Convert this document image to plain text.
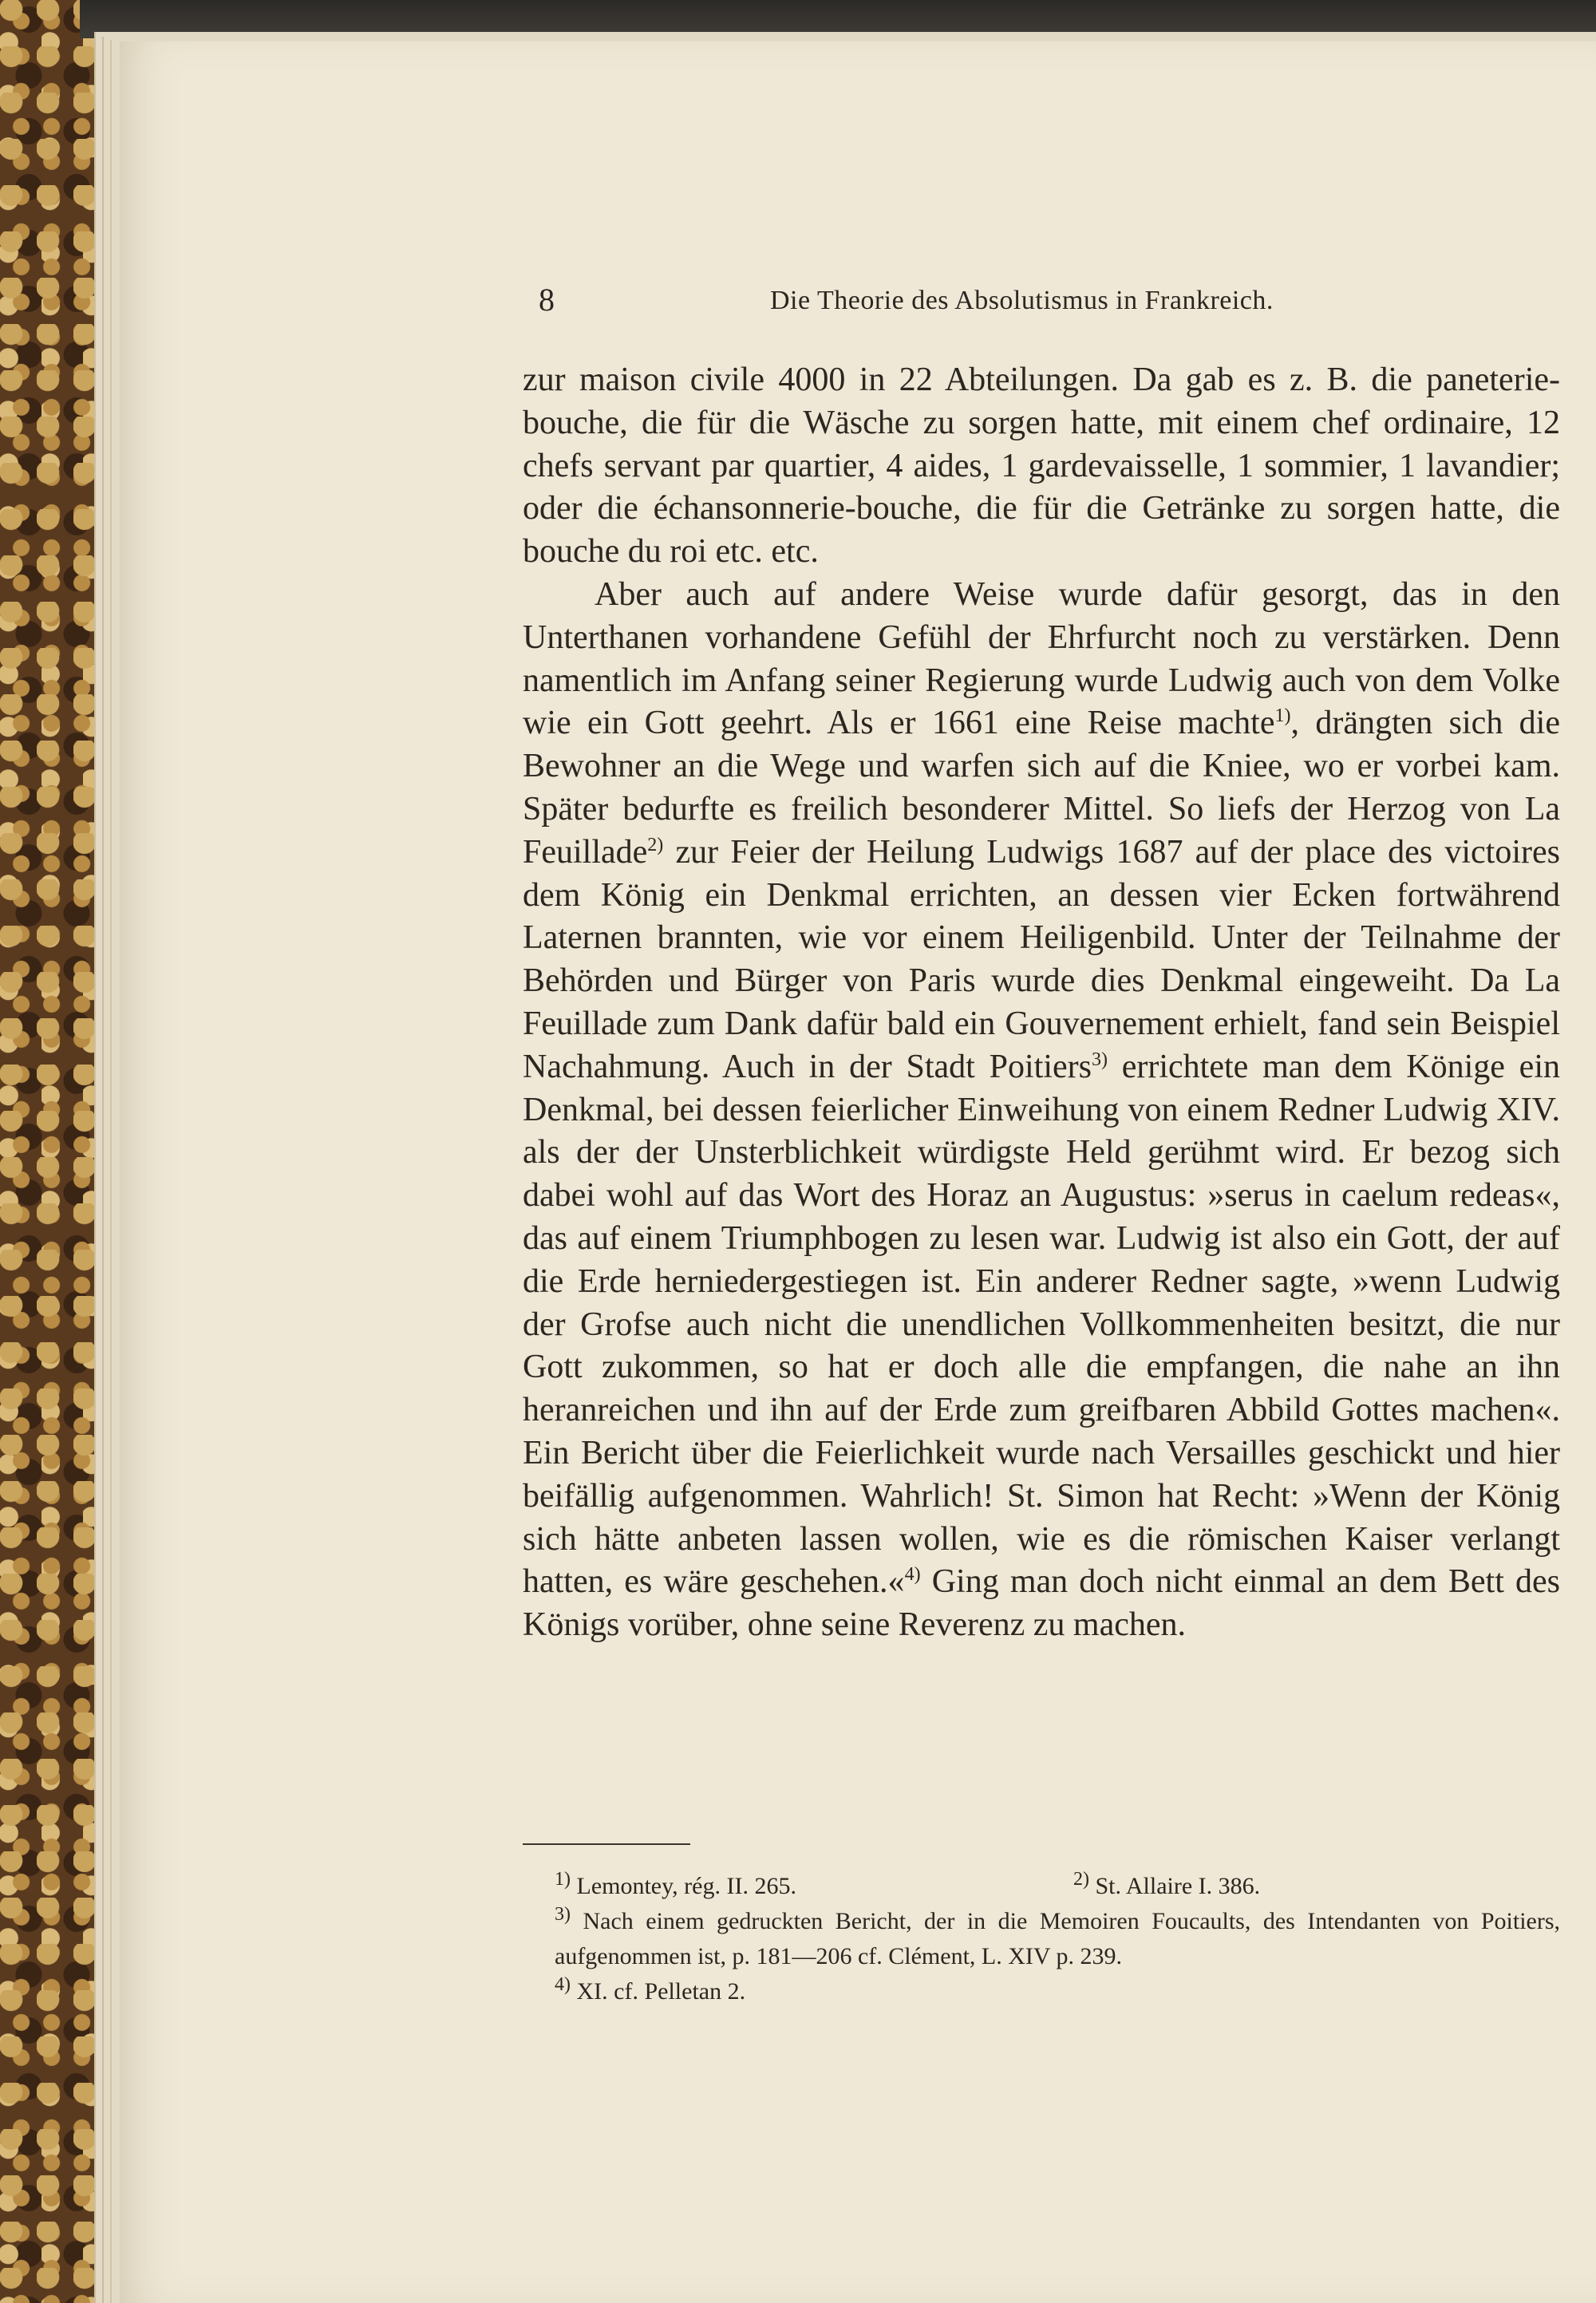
8	Die Theorie des Absolutismus in Frankreich.

zur maison civile 4000 in 22 Abteilungen. Da gab es z. B. die paneterie-bouche, die für die Wäsche zu sorgen hatte, mit einem chef ordinaire, 12 chefs servant par quartier, 4 aides, 1 gardevaisselle, 1 sommier, 1 lavandier; oder die échansonnerie-bouche, die für die Getränke zu sorgen hatte, die bouche du roi etc. etc.

Aber auch auf andere Weise wurde dafür gesorgt, das in den Unterthanen vorhandene Gefühl der Ehrfurcht noch zu verstärken. Denn namentlich im Anfang seiner Regierung wurde Ludwig auch von dem Volke wie ein Gott geehrt. Als er 1661 eine Reise machte$^{1)}$, drängten sich die Bewohner an die Wege und warfen sich auf die Kniee, wo er vorbei kam. Später bedurfte es freilich besonderer Mittel. So liefs der Herzog von La Feuillade$^{2)}$ zur Feier der Heilung Ludwigs 1687 auf der place des victoires dem König ein Denkmal errichten, an dessen vier Ecken fortwährend Laternen brannten, wie vor einem Heiligenbild. Unter der Teilnahme der Behörden und Bürger von Paris wurde dies Denkmal eingeweiht. Da La Feuillade zum Dank dafür bald ein Gouvernement erhielt, fand sein Beispiel Nachahmung. Auch in der Stadt Poitiers$^{3)}$ errichtete man dem Könige ein Denkmal, bei dessen feierlicher Einweihung von einem Redner Ludwig XIV. als der der Unsterblichkeit würdigste Held gerühmt wird. Er bezog sich dabei wohl auf das Wort des Horaz an Augustus: »serus in caelum redeas«, das auf einem Triumphbogen zu lesen war. Ludwig ist also ein Gott, der auf die Erde herniedergestiegen ist. Ein anderer Redner sagte, »wenn Ludwig der Grofse auch nicht die unendlichen Vollkommenheiten besitzt, die nur Gott zukommen, so hat er doch alle die empfangen, die nahe an ihn heranreichen und ihn auf der Erde zum greifbaren Abbild Gottes machen«. Ein Bericht über die Feierlichkeit wurde nach Versailles geschickt und hier beifällig aufgenommen. Wahrlich! St. Simon hat Recht: »Wenn der König sich hätte anbeten lassen wollen, wie es die römischen Kaiser verlangt hatten, es wäre geschehen.«$^{4)}$ Ging man doch nicht einmal an dem Bett des Königs vorüber, ohne seine Reverenz zu machen.

$^{1)}$ Lemontey, rég. II. 265.	$^{2)}$ St. Allaire I. 386.
$^{3)}$ Nach einem gedruckten Bericht, der in die Memoiren Foucaults, des Intendanten von Poitiers, aufgenommen ist, p. 181—206 cf. Clément, L. XIV p. 239.
$^{4)}$ XI. cf. Pelletan 2.
